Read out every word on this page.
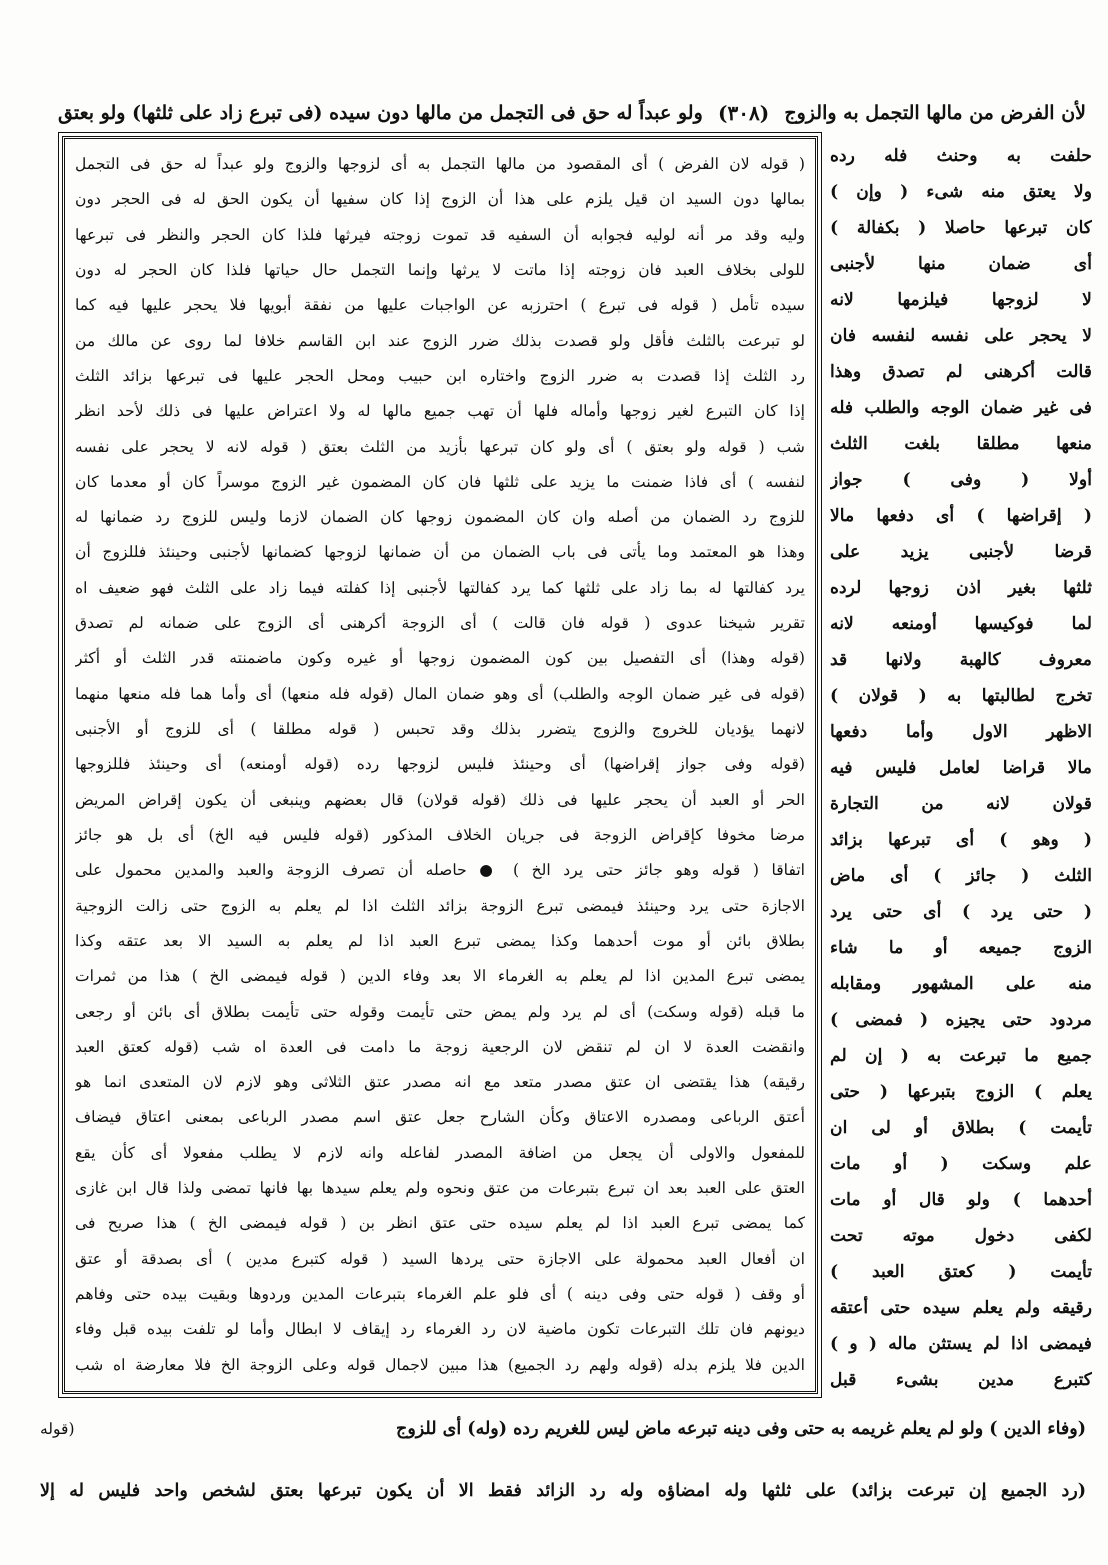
لأن الفرض من مالها التجمل به والزوج
(٣٠٨)
ولو عبداً له حق فى التجمل من مالها دون سيده (فى تبرع زاد على ثلثها) ولو بعتق
( قوله لان الفرض ) أى المقصود من مالها التجمل به أى لزوجها والزوج ولو عبداً له حق فى التجمل
بمالها دون السيد ان قيل يلزم على هذا أن الزوج إذا كان سفيها أن يكون الحق له فى الحجر دون
وليه وقد مر أنه لوليه فجوابه أن السفيه قد تموت زوجته فيرثها فلذا كان الحجر والنظر فى تبرعها
للولى بخلاف العبد فان زوجته إذا ماتت لا يرثها وإنما التجمل حال حياتها فلذا كان الحجر له دون
سيده تأمل ( قوله فى تبرع ) احترزبه عن الواجبات عليها من نفقة أبويها فلا يحجر عليها فيه كما
لو تبرعت بالثلث فأقل ولو قصدت بذلك ضرر الزوج عند ابن القاسم خلافا لما روى عن مالك من
رد الثلث إذا قصدت به ضرر الزوج واختاره ابن حبيب ومحل الحجر عليها فى تبرعها بزائد الثلث
إذا كان التبرع لغير زوجها وأماله فلها أن تهب جميع مالها له ولا اعتراض عليها فى ذلك لأحد انظر
شب ( قوله ولو بعتق ) أى ولو كان تبرعها بأزيد من الثلث بعتق ( قوله لانه لا يحجر على نفسه
لنفسه ) أى فاذا ضمنت ما يزيد على ثلثها فان كان المضمون غير الزوج موسراً كان أو معدما كان
للزوج رد الضمان من أصله وان كان المضمون زوجها كان الضمان لازما وليس للزوج رد ضمانها له
وهذا هو المعتمد وما يأتى فى باب الضمان من أن ضمانها لزوجها كضمانها لأجنبى وحينئذ فللزوج أن
يرد كفالتها له بما زاد على ثلثها كما يرد كفالتها لأجنبى إذا كفلته فيما زاد على الثلث فهو ضعيف اه
تقرير شيخنا عدوى ( قوله فان قالت ) أى الزوجة أكرهنى أى الزوج على ضمانه لم تصدق
(قوله وهذا) أى التفصيل بين كون المضمون زوجها أو غيره وكون ماضمنته قدر الثلث أو أكثر
(قوله فى غير ضمان الوجه والطلب) أى وهو ضمان المال (قوله فله منعها) أى وأما هما فله منعها منهما
لانهما يؤديان للخروج والزوج يتضرر بذلك وقد تحبس ( قوله مطلقا ) أى للزوج أو الأجنبى
(قوله وفى جواز إقراضها) أى وحينئذ فليس لزوجها رده (قوله أومنعه) أى وحينئذ فللزوجها
الحر أو العبد أن يحجر عليها فى ذلك (قوله قولان) قال بعضهم وينبغى أن يكون إقراض المريض
مرضا مخوفا كإقراض الزوجة فى جريان الخلاف المذكور (قوله فليس فيه الخ) أى بل هو جائز
اتفاقا ( قوله وهو جائز حتى يرد الخ ) ● حاصله أن تصرف الزوجة والعبد والمدين محمول على
الاجازة حتى يرد وحينئذ فيمضى تبرع الزوجة بزائد الثلث اذا لم يعلم به الزوج حتى زالت الزوجية
بطلاق بائن أو موت أحدهما وكذا يمضى تبرع العبد اذا لم يعلم به السيد الا بعد عتقه وكذا
يمضى تبرع المدين اذا لم يعلم به الغرماء الا بعد وفاء الدين ( قوله فيمضى الخ ) هذا من ثمرات
ما قبله (قوله وسكت) أى لم يرد ولم يمض حتى تأيمت وقوله حتى تأيمت بطلاق أى بائن أو رجعى
وانقضت العدة لا ان لم تنقض لان الرجعية زوجة ما دامت فى العدة اه شب (قوله كعتق العبد
رقيقه) هذا يقتضى ان عتق مصدر متعد مع انه مصدر عتق الثلاثى وهو لازم لان المتعدى انما هو
أعتق الرباعى ومصدره الاعتاق وكأن الشارح جعل عتق اسم مصدر الرباعى بمعنى اعتاق فيضاف
للمفعول والاولى أن يجعل من اضافة المصدر لفاعله وانه لازم لا يطلب مفعولا أى كأن يقع
العتق على العبد بعد ان تبرع بتبرعات من عتق ونحوه ولم يعلم سيدها بها فانها تمضى ولذا قال ابن غازى
كما يمضى تبرع العبد اذا لم يعلم سيده حتى عتق انظر بن ( قوله فيمضى الخ ) هذا صريح فى
ان أفعال العبد محمولة على الاجازة حتى يردها السيد ( قوله كتبرع مدين ) أى بصدقة أو عتق
أو وقف ( قوله حتى وفى دينه ) أى فلو علم الغرماء بتبرعات المدين وردوها وبقيت بيده حتى وفاهم
ديونهم فان تلك التبرعات تكون ماضية لان رد الغرماء رد إيقاف لا ابطال وأما لو تلفت بيده قبل وفاء
الدين فلا يلزم بدله (قوله ولهم رد الجميع) هذا مبين لاجمال قوله وعلى الزوجة الخ فلا معارضة اه شب
حلفت به وحنث فله رده
ولا يعتق منه شىء ( وإن )
كان تبرعها حاصلا ( بكفالة )
أى ضمان منها لأجنبى
لا لزوجها فيلزمها لانه
لا يحجر على نفسه لنفسه فان
قالت أكرهنى لم تصدق وهذا
فى غير ضمان الوجه والطلب فله
منعها مطلقا بلغت الثلث
أولا ( وفى ) جواز
( إقراضها ) أى دفعها مالا
قرضا لأجنبى يزيد على
ثلثها بغير اذن زوجها لرده
لما فوكيسها أومنعه لانه
معروف كالهبة ولانها قد
تخرج لطالبتها به ( قولان )
الاظهر الاول وأما دفعها
مالا قراضا لعامل فليس فيه
قولان لانه من التجارة
( وهو ) أى تبرعها بزائد
الثلث ( جائز ) أى ماض
( حتى يرد ) أى حتى يرد
الزوج جميعه أو ما شاء
منه على المشهور ومقابله
مردود حتى يجيزه ( فمضى )
جميع ما تبرعت به ( إن لم
يعلم ) الزوج بتبرعها ( حتى
تأيمت ) بطلاق أو لى ان
علم وسكت ( أو مات
أحدهما ) ولو قال أو مات
لكفى دخول موته تحت
تأيمت ( كعتق العبد )
رقيقه ولم يعلم سيده حتى أعتقه
فيمضى اذا لم يستثن ماله ( و )
كتبرع مدين بشىء قبل
(وفاء الدين ) ولو لم يعلم غريمه به حتى وفى دينه تبرعه ماض ليس للغريم رده (وله) أى للزوج
(قوله
(رد الجميع إن تبرعت بزائد) على ثلثها وله امضاؤه وله رد الزائد فقط الا أن يكون تبرعها بعتق لشخص واحد فليس له إلا
